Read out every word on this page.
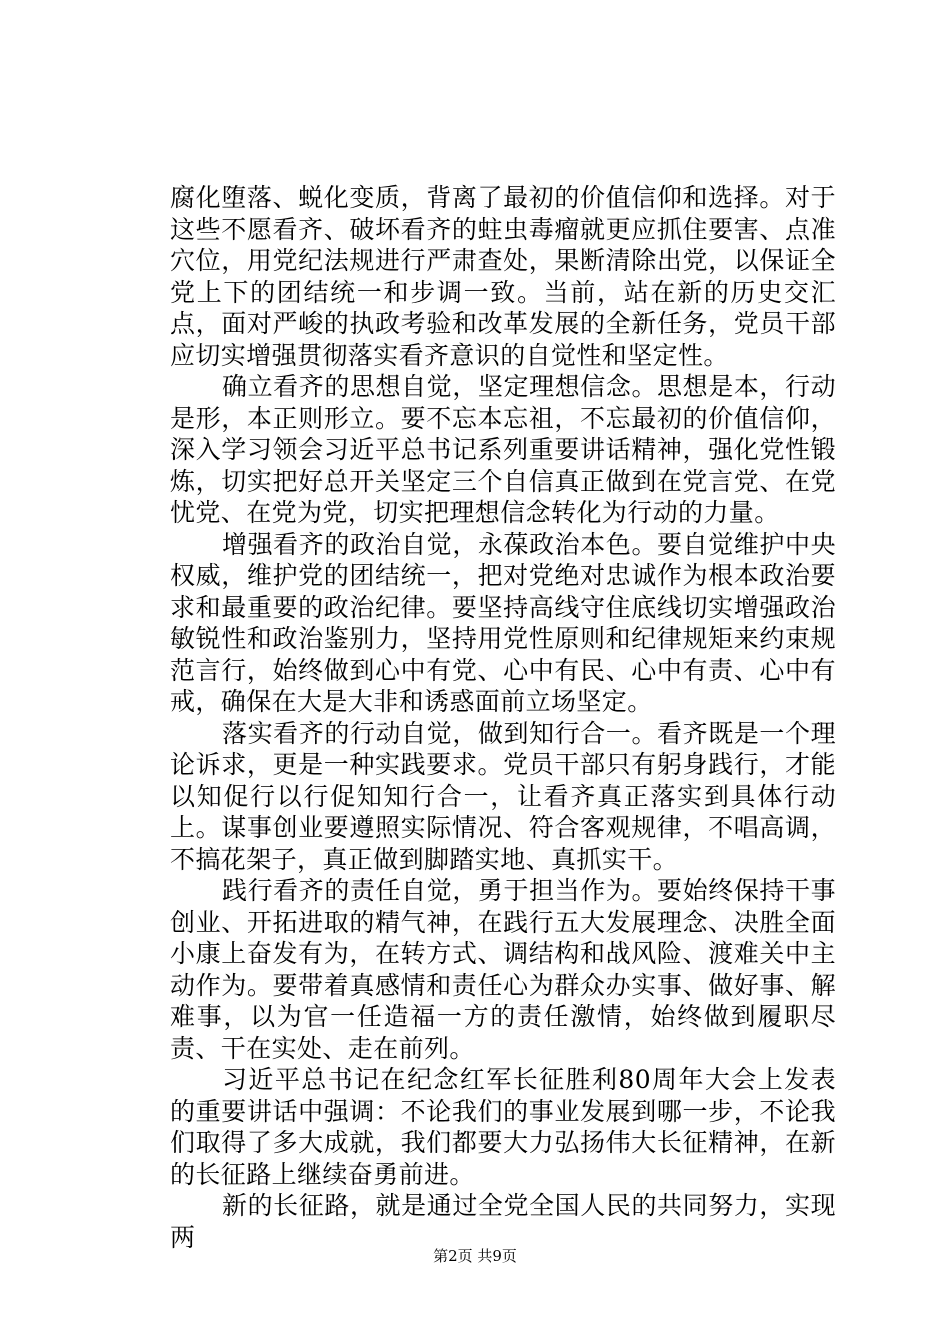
腐化堕落、蜕化变质，背离了最初的价值信仰和选择。对于这些不愿看齐、破坏看齐的蛀虫毒瘤就更应抓住要害、点准穴位，用党纪法规进行严肃查处，果断清除出党，以保证全党上下的团结统一和步调一致。当前，站在新的历史交汇点，面对严峻的执政考验和改革发展的全新任务，党员干部应切实增强贯彻落实看齐意识的自觉性和坚定性。

确立看齐的思想自觉，坚定理想信念。思想是本，行动是形，本正则形立。要不忘本忘祖，不忘最初的价值信仰，深入学习领会习近平总书记系列重要讲话精神，强化党性锻炼，切实把好总开关坚定三个自信真正做到在党言党、在党忧党、在党为党，切实把理想信念转化为行动的力量。

增强看齐的政治自觉，永葆政治本色。要自觉维护中央权威，维护党的团结统一，把对党绝对忠诚作为根本政治要求和最重要的政治纪律。要坚持高线守住底线切实增强政治敏锐性和政治鉴别力，坚持用党性原则和纪律规矩来约束规范言行，始终做到心中有党、心中有民、心中有责、心中有戒，确保在大是大非和诱惑面前立场坚定。

落实看齐的行动自觉，做到知行合一。看齐既是一个理论诉求，更是一种实践要求。党员干部只有躬身践行，才能以知促行以行促知知行合一，让看齐真正落实到具体行动上。谋事创业要遵照实际情况、符合客观规律，不唱高调，不搞花架子，真正做到脚踏实地、真抓实干。

践行看齐的责任自觉，勇于担当作为。要始终保持干事创业、开拓进取的精气神，在践行五大发展理念、决胜全面小康上奋发有为，在转方式、调结构和战风险、渡难关中主动作为。要带着真感情和责任心为群众办实事、做好事、解难事，以为官一任造福一方的责任激情，始终做到履职尽责、干在实处、走在前列。

习近平总书记在纪念红军长征胜利80周年大会上发表的重要讲话中强调：不论我们的事业发展到哪一步，不论我们取得了多大成就，我们都要大力弘扬伟大长征精神，在新的长征路上继续奋勇前进。

新的长征路，就是通过全党全国人民的共同努力，实现两

第2页 共9页
